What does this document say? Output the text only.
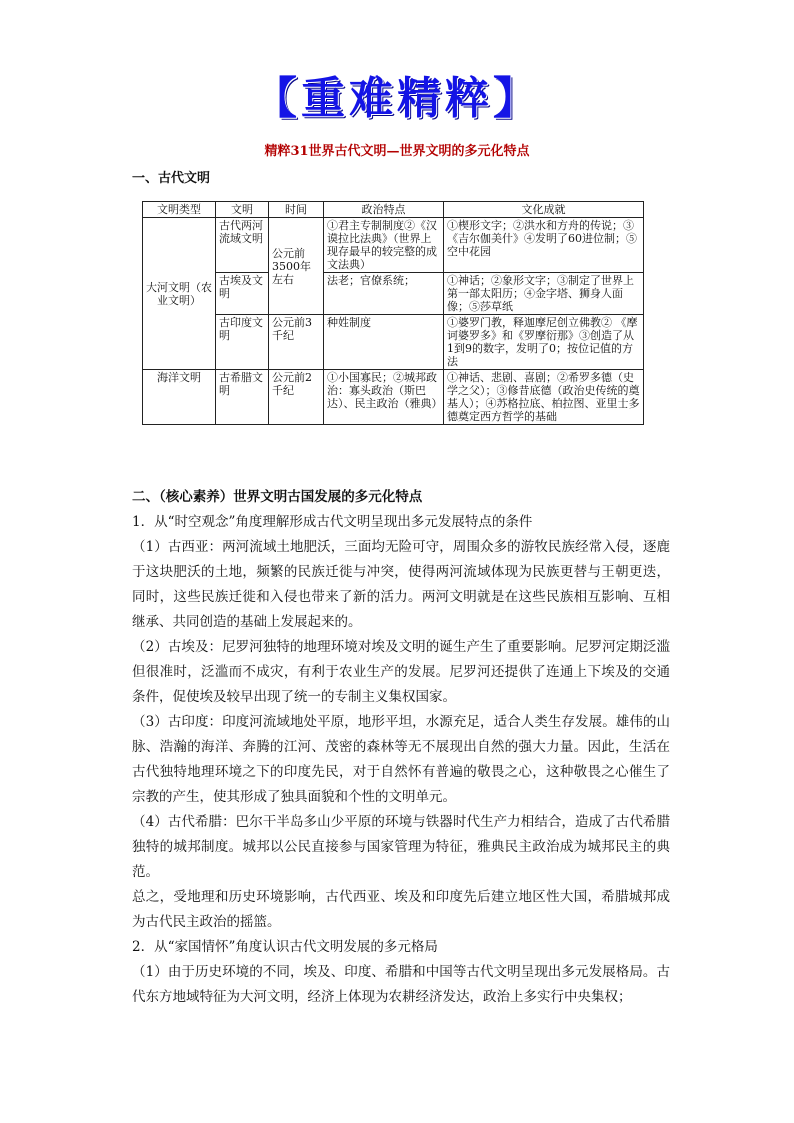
【重难精粹】
精粹31世界古代文明—世界文明的多元化特点
一、古代文明
文明类型	文明	时间	政治特点	文化成就
大河文明（农业文明）	古代两河流域文明	公元前3500年左右	①君主专制制度②《汉谟拉比法典》（世界上现存最早的较完整的成文法典）	①楔形文字；②洪水和方舟的传说；③《吉尔伽美什》④发明了60进位制；⑤空中花园
	古埃及文明		法老；官僚系统；	①神话；②象形文字；③制定了世界上第一部太阳历；④金字塔、狮身人面像；⑤莎草纸
	古印度文明	公元前3千纪	种姓制度	①婆罗门教，释迦摩尼创立佛教② 《摩诃婆罗多》和《罗摩衍那》③创造了从1到9的数字，发明了0；按位记值的方法
海洋文明	古希腊文明	公元前2千纪	①小国寡民；②城邦政治：寡头政治（斯巴达）、民主政治（雅典）	①神话、悲剧、喜剧；②希罗多德（史学之父）；③修昔底德（政治史传统的奠基人）；④苏格拉底、柏拉图、亚里士多德奠定西方哲学的基础

二、（核心素养）世界文明古国发展的多元化特点

1．从“时空观念”角度理解形成古代文明呈现出多元发展特点的条件

（1）古西亚：两河流域土地肥沃，三面均无险可守，周围众多的游牧民族经常入侵，逐鹿于这块肥沃的土地，频繁的民族迁徙与冲突，使得两河流域体现为民族更替与王朝更迭，同时，这些民族迁徙和入侵也带来了新的活力。两河文明就是在这些民族相互影响、互相继承、共同创造的基础上发展起来的。

（2）古埃及：尼罗河独特的地理环境对埃及文明的诞生产生了重要影响。尼罗河定期泛滥但很准时，泛滥而不成灾，有利于农业生产的发展。尼罗河还提供了连通上下埃及的交通条件，促使埃及较早出现了统一的专制主义集权国家。

（3）古印度：印度河流域地处平原，地形平坦，水源充足，适合人类生存发展。雄伟的山脉、浩瀚的海洋、奔腾的江河、茂密的森林等无不展现出自然的强大力量。因此，生活在古代独特地理环境之下的印度先民，对于自然怀有普遍的敬畏之心，这种敬畏之心催生了宗教的产生，使其形成了独具面貌和个性的文明单元。

（4）古代希腊：巴尔干半岛多山少平原的环境与铁器时代生产力相结合，造成了古代希腊独特的城邦制度。城邦以公民直接参与国家管理为特征，雅典民主政治成为城邦民主的典范。

总之，受地理和历史环境影响，古代西亚、埃及和印度先后建立地区性大国，希腊城邦成为古代民主政治的摇篮。

2．从“家国情怀”角度认识古代文明发展的多元格局

（1）由于历史环境的不同，埃及、印度、希腊和中国等古代文明呈现出多元发展格局。古代东方地域特征为大河文明，经济上体现为农耕经济发达，政治上多实行中央集权；
